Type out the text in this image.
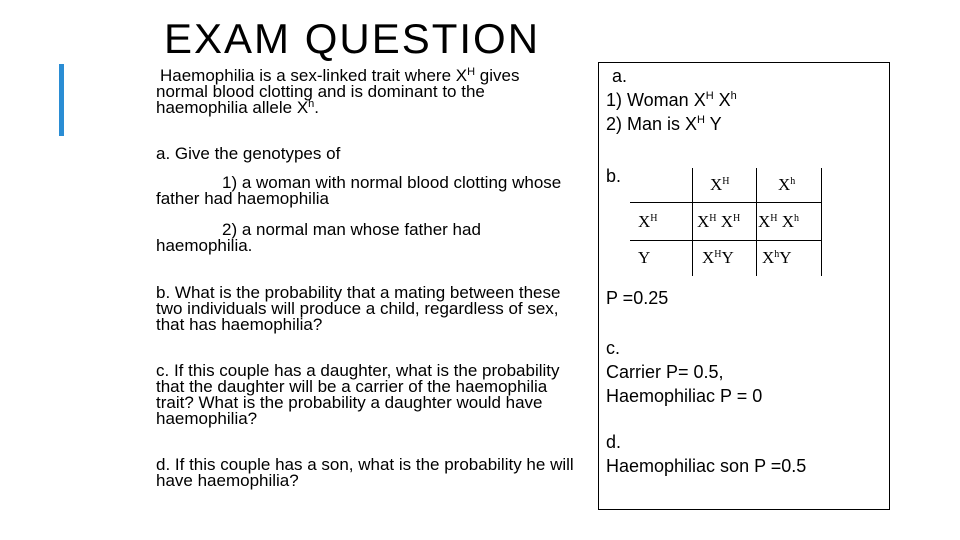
EXAM QUESTION
Haemophilia is a sex-linked trait where $X^H$ gives normal blood clotting and is dominant to the haemophilia allele $X^h$.
a. Give the genotypes of
1) a woman with normal blood clotting whose father had haemophilia
2) a normal man whose father had haemophilia.
b. What is the probability that a mating between these two individuals will produce a child, regardless of sex, that has haemophilia?
c. If this couple has a daughter, what is the probability that the daughter will be a carrier of the haemophilia trait? What is the probability a daughter would have haemophilia?
d. If this couple has a son, what is the probability he will have haemophilia?
a.
1) Woman $X^H$ $X^h$
2) Man is $X^H$ Y
b.	$X^H$	$X^h$
$X^H$
Y
$X^H$ $X^H$ $X^H$ $X^h$
$X^HY$ $X^hY$
P =0.25
c.
Carrier P= 0.5,
Haemophiliac P = 0
d.
Haemophiliac son P =0.5
